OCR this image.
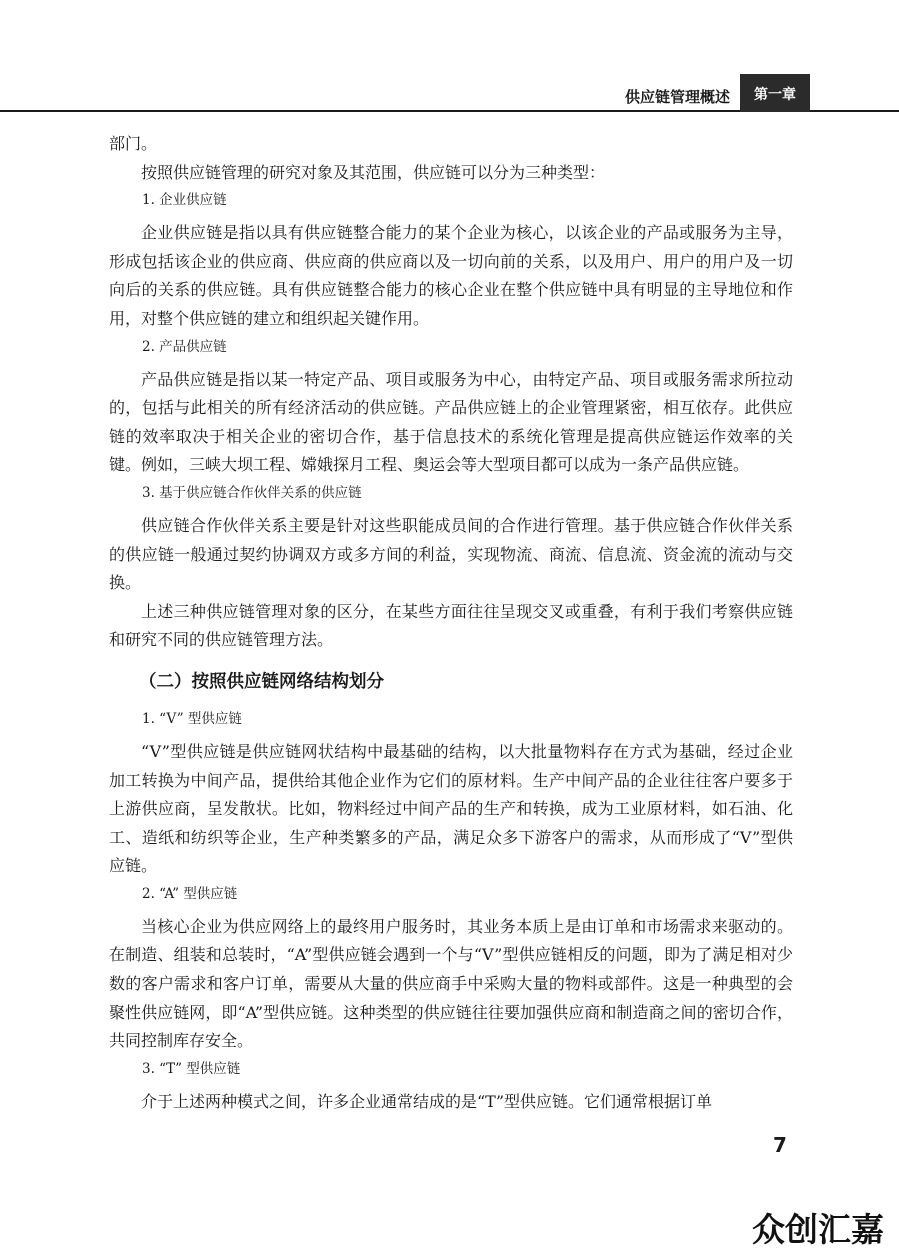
供应链管理概述	第一章

部门。

按照供应链管理的研究对象及其范围，供应链可以分为三种类型：

1. 企业供应链

企业供应链是指以具有供应链整合能力的某个企业为核心，以该企业的产品或服务为主导，形成包括该企业的供应商、供应商的供应商以及一切向前的关系，以及用户、用户的用户及一切向后的关系的供应链。具有供应链整合能力的核心企业在整个供应链中具有明显的主导地位和作用，对整个供应链的建立和组织起关键作用。

2. 产品供应链

产品供应链是指以某一特定产品、项目或服务为中心，由特定产品、项目或服务需求所拉动的，包括与此相关的所有经济活动的供应链。产品供应链上的企业管理紧密，相互依存。此供应链的效率取决于相关企业的密切合作，基于信息技术的系统化管理是提高供应链运作效率的关键。例如，三峡大坝工程、嫦娥探月工程、奥运会等大型项目都可以成为一条产品供应链。

3. 基于供应链合作伙伴关系的供应链

供应链合作伙伴关系主要是针对这些职能成员间的合作进行管理。基于供应链合作伙伴关系的供应链一般通过契约协调双方或多方间的利益，实现物流、商流、信息流、资金流的流动与交换。

上述三种供应链管理对象的区分，在某些方面往往呈现交叉或重叠，有利于我们考察供应链和研究不同的供应链管理方法。

（二）按照供应链网络结构划分

1. “V” 型供应链

“V”型供应链是供应链网状结构中最基础的结构，以大批量物料存在方式为基础，经过企业加工转换为中间产品，提供给其他企业作为它们的原材料。生产中间产品的企业往往客户要多于上游供应商，呈发散状。比如，物料经过中间产品的生产和转换，成为工业原材料，如石油、化工、造纸和纺织等企业，生产种类繁多的产品，满足众多下游客户的需求，从而形成了“V”型供应链。

2. “A” 型供应链

当核心企业为供应网络上的最终用户服务时，其业务本质上是由订单和市场需求来驱动的。在制造、组装和总装时，“A”型供应链会遇到一个与“V”型供应链相反的问题，即为了满足相对少数的客户需求和客户订单，需要从大量的供应商手中采购大量的物料或部件。这是一种典型的会聚性供应链网，即“A”型供应链。这种类型的供应链往往要加强供应商和制造商之间的密切合作，共同控制库存安全。

3. “T” 型供应链

介于上述两种模式之间，许多企业通常结成的是“T”型供应链。它们通常根据订单

7
众创汇嘉
